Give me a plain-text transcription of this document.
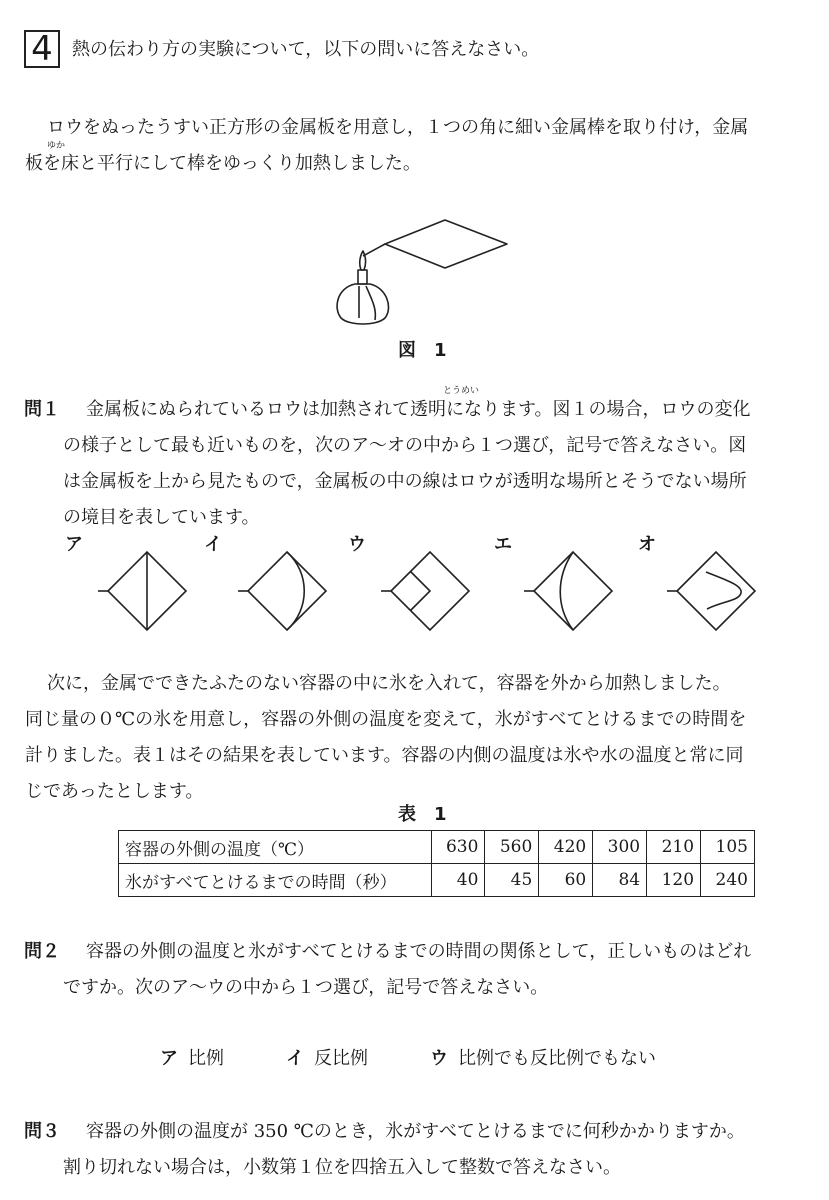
4	熱の伝わり方の実験について，以下の問いに答えなさい。
ゆか
ロウをぬったうすい正方形の金属板を用意し，１つの角に細い金属棒を取り付け，金属
板を床と平行にして棒をゆっくり加熱しました。
図　1
問１
とうめい
金属板にぬられているロウは加熱されて透明になります。図１の場合，ロウの変化
の様子として最も近いものを，次のア～オの中から１つ選び，記号で答えなさい。図
は金属板を上から見たもので，金属板の中の線はロウが透明な場所とそうでない場所
の境目を表しています。
ア	イ	ウ	エ	オ
次に，金属でできたふたのない容器の中に氷を入れて，容器を外から加熱しました。
同じ量の０℃の氷を用意し，容器の外側の温度を変えて，氷がすべてとけるまでの時間を
計りました。表１はその結果を表しています。容器の内側の温度は氷や水の温度と常に同
じであったとします。
表　1
容器の外側の温度（℃）	630	560	420	300	210	105
氷がすべてとけるまでの時間（秒）	40	45	60	84	120	240
問２ 容器の外側の温度と氷がすべてとけるまでの時間の関係として，正しいものはどれ
ですか。次のア～ウの中から１つ選び，記号で答えなさい。
ア 比例	イ 反比例	ウ 比例でも反比例でもない
問３ 容器の外側の温度が 350 ℃のとき，氷がすべてとけるまでに何秒かかりますか。
割り切れない場合は，小数第１位を四捨五入して整数で答えなさい。
